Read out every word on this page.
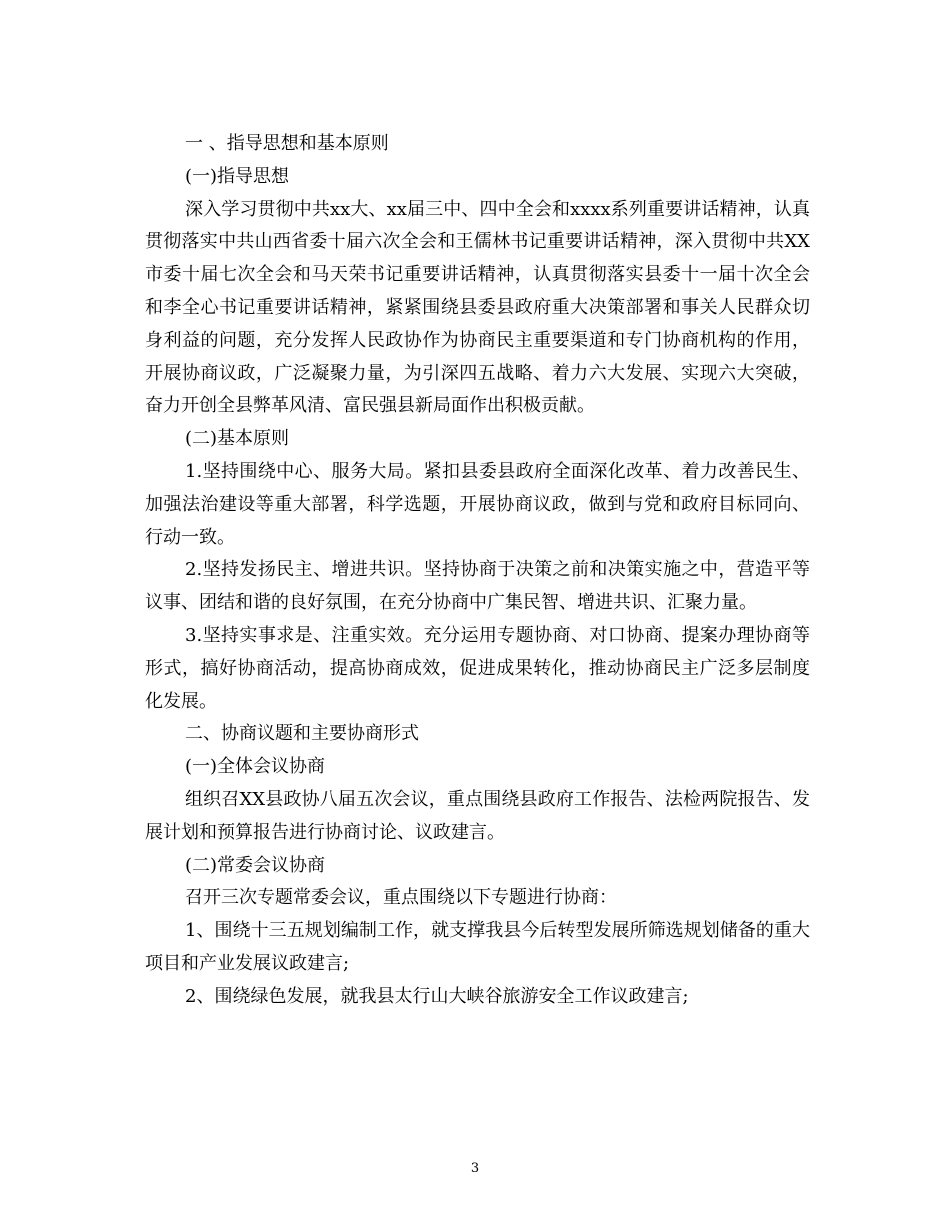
一 、指导思想和基本原则

(一)指导思想

深入学习贯彻中共xx大、xx届三中、四中全会和xxxx系列重要讲话精神，认真贯彻落实中共山西省委十届六次全会和王儒林书记重要讲话精神，深入贯彻中共XX市委十届七次全会和马天荣书记重要讲话精神，认真贯彻落实县委十一届十次全会和李全心书记重要讲话精神，紧紧围绕县委县政府重大决策部署和事关人民群众切身利益的问题，充分发挥人民政协作为协商民主重要渠道和专门协商机构的作用，开展协商议政，广泛凝聚力量，为引深四五战略、着力六大发展、实现六大突破，奋力开创全县弊革风清、富民强县新局面作出积极贡献。

(二)基本原则

1.坚持围绕中心、服务大局。紧扣县委县政府全面深化改革、着力改善民生、加强法治建设等重大部署，科学选题，开展协商议政，做到与党和政府目标同向、行动一致。

2.坚持发扬民主、增进共识。坚持协商于决策之前和决策实施之中，营造平等议事、团结和谐的良好氛围，在充分协商中广集民智、增进共识、汇聚力量。

3.坚持实事求是、注重实效。充分运用专题协商、对口协商、提案办理协商等形式，搞好协商活动，提高协商成效，促进成果转化，推动协商民主广泛多层制度化发展。

二、协商议题和主要协商形式

(一)全体会议协商

组织召XX县政协八届五次会议，重点围绕县政府工作报告、法检两院报告、发展计划和预算报告进行协商讨论、议政建言。

(二)常委会议协商

召开三次专题常委会议，重点围绕以下专题进行协商：

1、围绕十三五规划编制工作，就支撑我县今后转型发展所筛选规划储备的重大项目和产业发展议政建言;

2、围绕绿色发展，就我县太行山大峡谷旅游安全工作议政建言;

3
